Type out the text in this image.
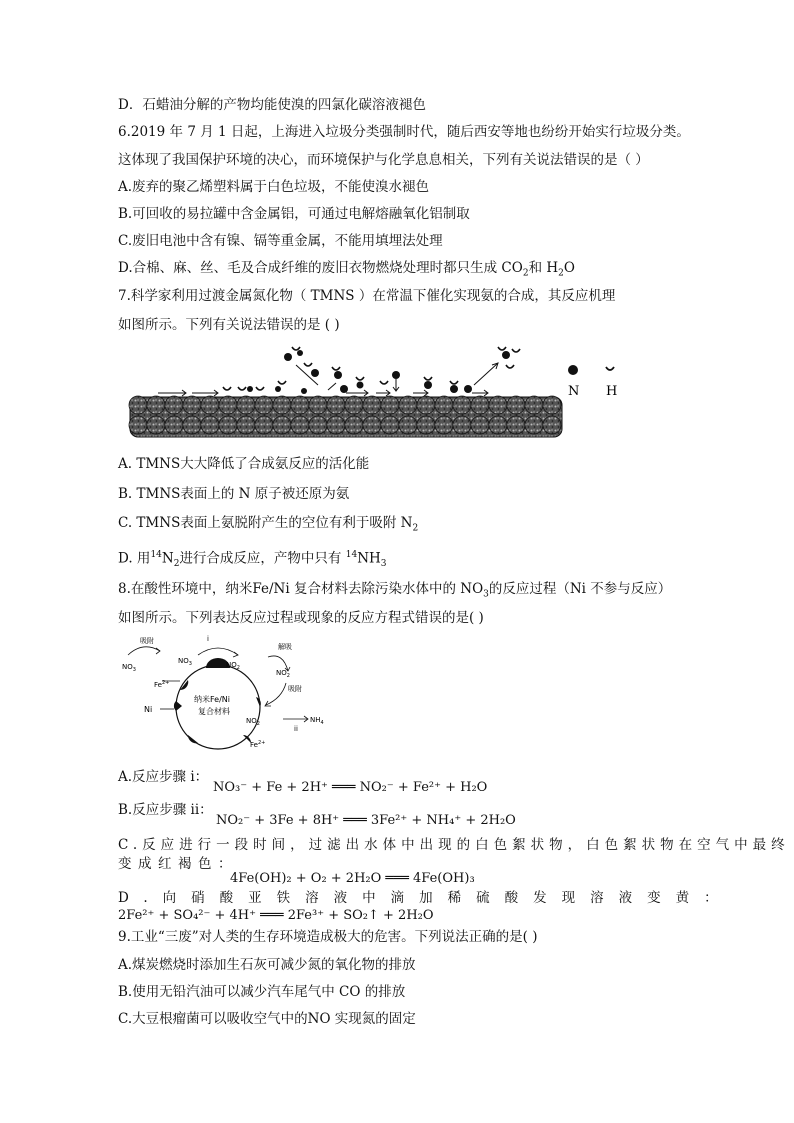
D．石蜡油分解的产物均能使溴的四氯化碳溶液褪色
6.2019 年 7 月 1 日起，上海进入垃圾分类强制时代，随后西安等地也纷纷开始实行垃圾分类。
这体现了我国保护环境的决心，而环境保护与化学息息相关，下列有关说法错误的是（ ）
A.废弃的聚乙烯塑料属于白色垃圾，不能使溴水褪色
B.可回收的易拉罐中含金属铝，可通过电解熔融氧化铝制取
C.废旧电池中含有镍、镉等重金属，不能用填埋法处理
D.合棉、麻、丝、毛及合成纤维的废旧衣物燃烧处理时都只生成 $CO_2$和 $H_2O$
7.科学家利用过渡金属氮化物（ TMNS ）在常温下催化实现氨的合成，其反应机理
如图所示。下列有关说法错误的是 ( )
N H
A. TMNS大大降低了合成氨反应的活化能
B. TMNS表面上的 N 原子被还原为氨
C. TMNS表面上氨脱附产生的空位有利于吸附 $N_2$
D. 用$^{14}N_2$进行合成反应，产物中只有 $^{14}NH_3$
8.在酸性环境中，纳米Fe/Ni 复合材料去除污染水体中的 $NO_3$的反应过程（Ni 不参与反应）
如图所示。下列表达反应过程或现象的反应方程式错误的是( )
纳米Fe/Ni
复合材料
吸附	i
解吸
吸附
ii
$NO_3$
$NO_3$	$NO_2$
$NO_2$
$NO_2$
$Fe^{2+}$
$Fe^{2+}$
Ni
$NH_4$
A.反应步骤 i：
NO₃⁻ + Fe + 2H⁺ ═══ NO₂⁻ + Fe²⁺ + H₂O
B.反应步骤 ii：
NO₂⁻ + 3Fe + 8H⁺ ═══ 3Fe²⁺ + NH₄⁺ + 2H₂O
C.反应进行一段时间，过滤出水体中出现的白色絮状物，白色絮状物在空气中最终
变成红褐色：
4Fe(OH)₂ + O₂ + 2H₂O ═══ 4Fe(OH)₃
D.向硝酸亚铁溶液中滴加稀硫酸发现溶液变黄：
2Fe²⁺ + SO₄²⁻ + 4H⁺ ═══ 2Fe³⁺ + SO₂↑ + 2H₂O
9.工业“三废”对人类的生存环境造成极大的危害。下列说法正确的是( )
A.煤炭燃烧时添加生石灰可减少氮的氧化物的排放
B.使用无铅汽油可以减少汽车尾气中 CO 的排放
C.大豆根瘤菌可以吸收空气中的NO 实现氮的固定
